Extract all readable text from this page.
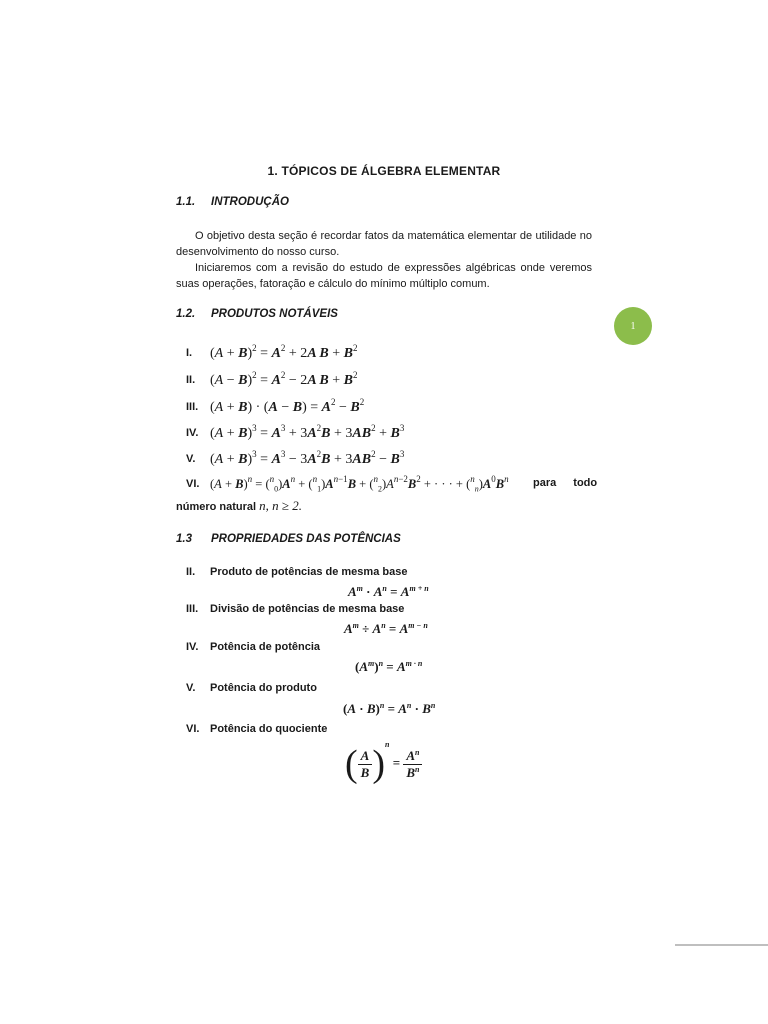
1. TÓPICOS DE ÁLGEBRA ELEMENTAR
1.1. INTRODUÇÃO
O objetivo desta seção é recordar fatos da matemática elementar de utilidade no desenvolvimento do nosso curso.
Iniciaremos com a revisão do estudo de expressões algébricas onde veremos suas operações, fatoração e cálculo do mínimo múltiplo comum.
1.2. PRODUTOS NOTÁVEIS
1
I.	$(A + B)^2 = A^2 + 2A$ $B + B^2$
II.	$(A - B)^2 = A^2 - 2A$ $B + B^2$
III. $(A + B) \cdot (A - B) = A^2 - B^2$
IV. $(A + B)^3 = A^3 + 3A^2B + 3AB^2 + B^3$
V.	$(A + B)^3 = A^3 - 3A^2B + 3AB^2 - B^3$
VI. $(A + B)^n = (^n_0)A^n + (^n_1)A^{n-1}B + (^n_2)A^{n-2}B^2$ + · · · + $(^n_n)A^0B^n$ para todo
número natural n, n ≥ 2.
1.3 PROPRIEDADES DAS POTÊNCIAS
II.	Produto de potências de mesma base
$A^m \cdot A^n = A^{m + n}$
III.	Divisão de potências de mesma base
$A^m \div A^n = A^{m - n}$
IV.	Potência de potência
$(A^m)^n = A^{m \cdot n}$
V.	Potência do produto
$(A \cdot B)^n = A^n \cdot B^n$
VI. Potência do quociente
( $\frac{A}{B} )^n = \frac{A^n}{B^n}$
